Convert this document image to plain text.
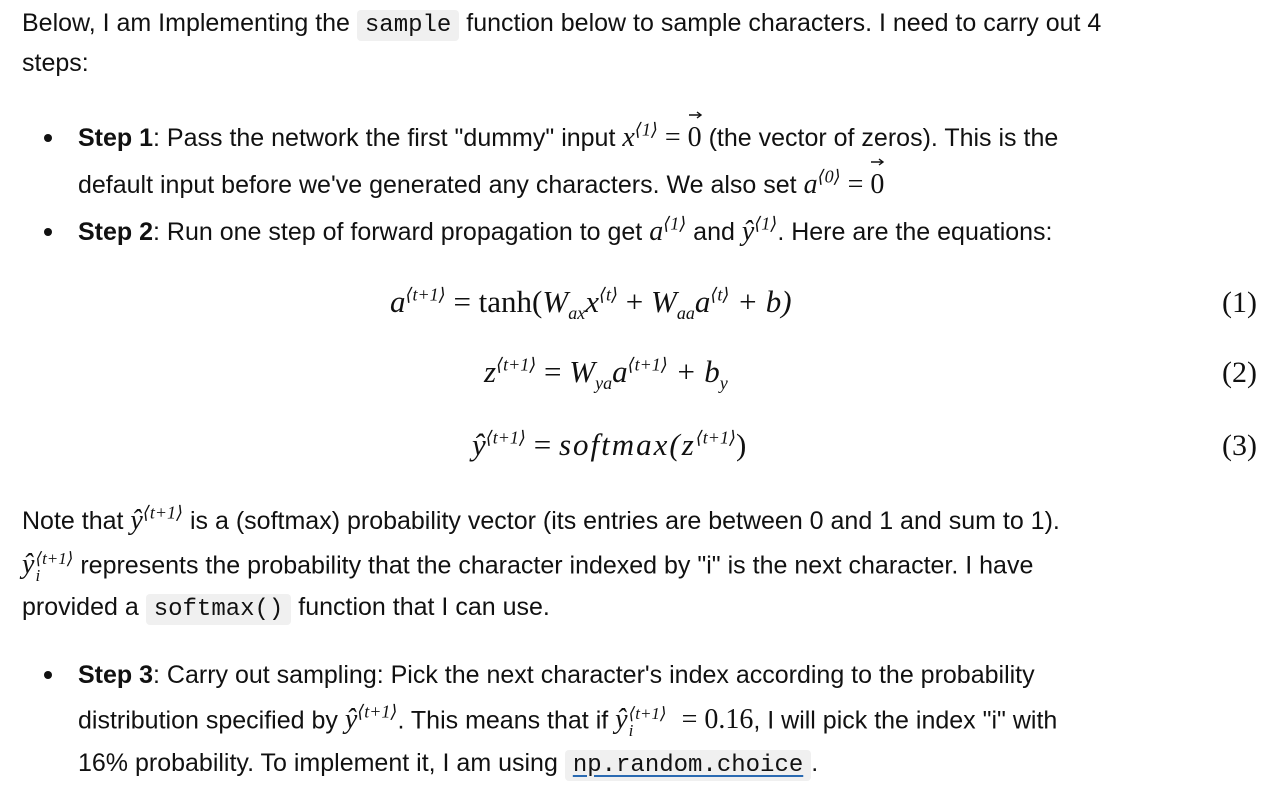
Below, I am Implementing the sample function below to sample characters. I need to carry out 4
steps:
Step 1: Pass the network the first "dummy" input $x^{⟨1⟩}$ =
0 (the vector of zeros). This is the
default input before we've generated any characters. We also set $a^{⟨0⟩}$ =
0
Step 2: Run one step of forward propagation to get $a^{⟨1⟩}$ and $ŷ^{⟨1⟩}$. Here are the equations:
$a^{⟨t+1⟩} = \tanh(W_{ax}x^{⟨t⟩} + W_{aa}a^{⟨t⟩} + b)$	(1)
$z^{⟨t+1⟩} = W_{ya}a^{⟨t+1⟩} + b_y$	(2)
$ŷ^{⟨t+1⟩}$ = $softmax(z^{⟨t+1⟩})$	(3)
Note that $ŷ^{⟨t+1⟩}$ is a (softmax) probability vector (its entries are between 0 and 1 and sum to 1).
ŷ ⟨t+1⟩
i	represents the probability that the character indexed by "i" is the next character. I have
provided a softmax() function that I can use.
Step 3: Carry out sampling: Pick the next character's index according to the probability
distribution specified by $ŷ^{⟨t+1⟩}$. This means that if ŷ ⟨t+1⟩
i	= 0.16, I will pick the index "i" with
16% probability. To implement it, I am using np.random.choice .
